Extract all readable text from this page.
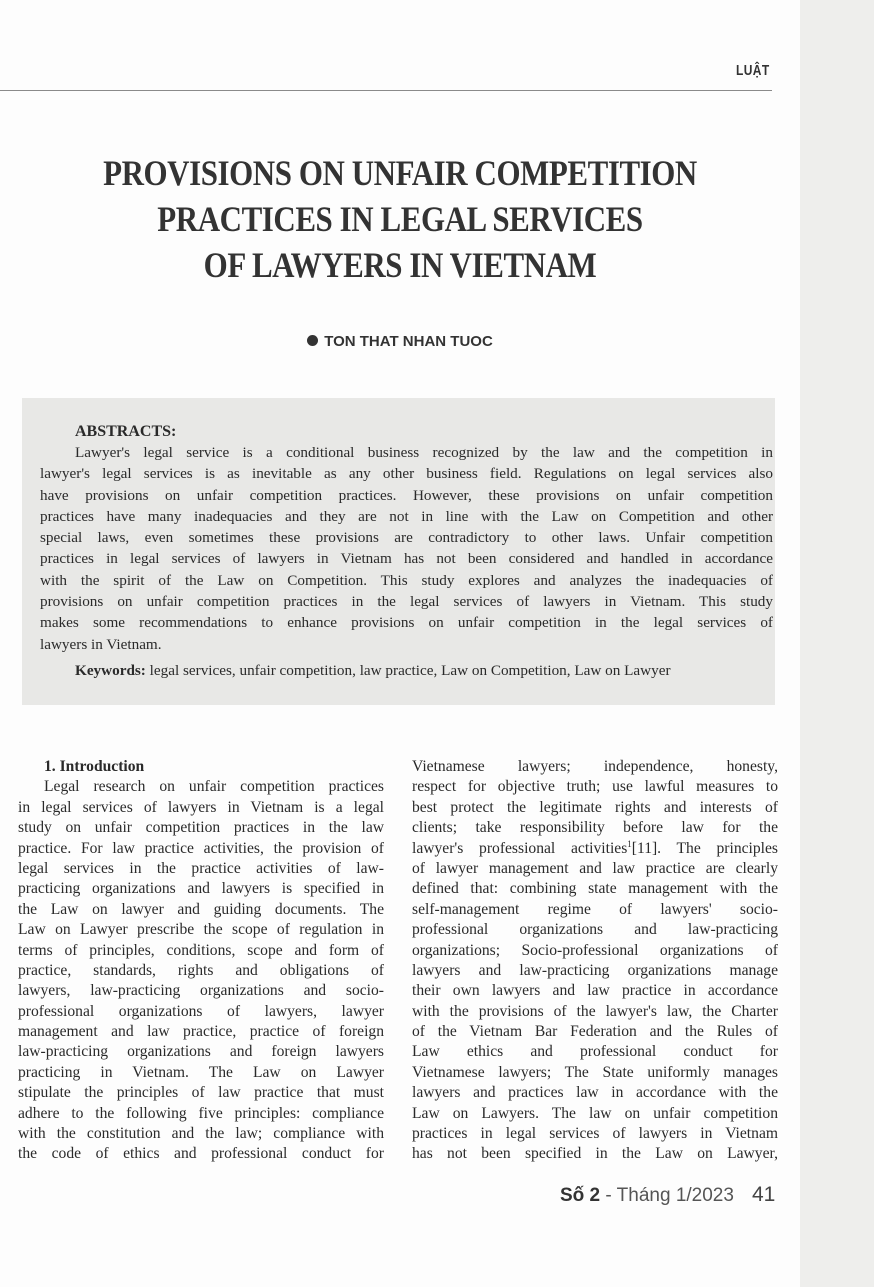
LUẬT
PROVISIONS ON UNFAIR COMPETITION
PRACTICES IN LEGAL SERVICES
OF LAWYERS IN VIETNAM
TON THAT NHAN TUOC
ABSTRACTS:
Lawyer's legal service is a conditional business recognized by the law and the competition in
lawyer's legal services is as inevitable as any other business field. Regulations on legal services also
have provisions on unfair competition practices. However, these provisions on unfair competition
practices have many inadequacies and they are not in line with the Law on Competition and other
special laws, even sometimes these provisions are contradictory to other laws. Unfair competition
practices in legal services of lawyers in Vietnam has not been considered and handled in accordance
with the spirit of the Law on Competition. This study explores and analyzes the inadequacies of
provisions on unfair competition practices in the legal services of lawyers in Vietnam. This study
makes some recommendations to enhance provisions on unfair competition in the legal services of
lawyers in Vietnam.
Keywords: legal services, unfair competition, law practice, Law on Competition, Law on Lawyer
1. Introduction
Legal research on unfair competition practices
in legal services of lawyers in Vietnam is a legal
study on unfair competition practices in the law
practice. For law practice activities, the provision of
legal services in the practice activities of law-
practicing organizations and lawyers is specified in
the Law on lawyer and guiding documents. The
Law on Lawyer prescribe the scope of regulation in
terms of principles, conditions, scope and form of
practice, standards, rights and obligations of
lawyers, law-practicing organizations and socio-
professional organizations of lawyers, lawyer
management and law practice, practice of foreign
law-practicing organizations and foreign lawyers
practicing in Vietnam. The Law on Lawyer
stipulate the principles of law practice that must
adhere to the following five principles: compliance
with the constitution and the law; compliance with
the code of ethics and professional conduct for
Vietnamese lawyers; independence, honesty,
respect for objective truth; use lawful measures to
best protect the legitimate rights and interests of
clients; take responsibility before law for the
lawyer's professional activities$^1$[11]. The principles
of lawyer management and law practice are clearly
defined that: combining state management with the
self-management regime of lawyers' socio-
professional organizations and law-practicing
organizations; Socio-professional organizations of
lawyers and law-practicing organizations manage
their own lawyers and law practice in accordance
with the provisions of the lawyer's law, the Charter
of the Vietnam Bar Federation and the Rules of
Law ethics and professional conduct for
Vietnamese lawyers; The State uniformly manages
lawyers and practices law in accordance with the
Law on Lawyers. The law on unfair competition
practices in legal services of lawyers in Vietnam
has not been specified in the Law on Lawyer,
Số 2 - Tháng 1/2023 41
